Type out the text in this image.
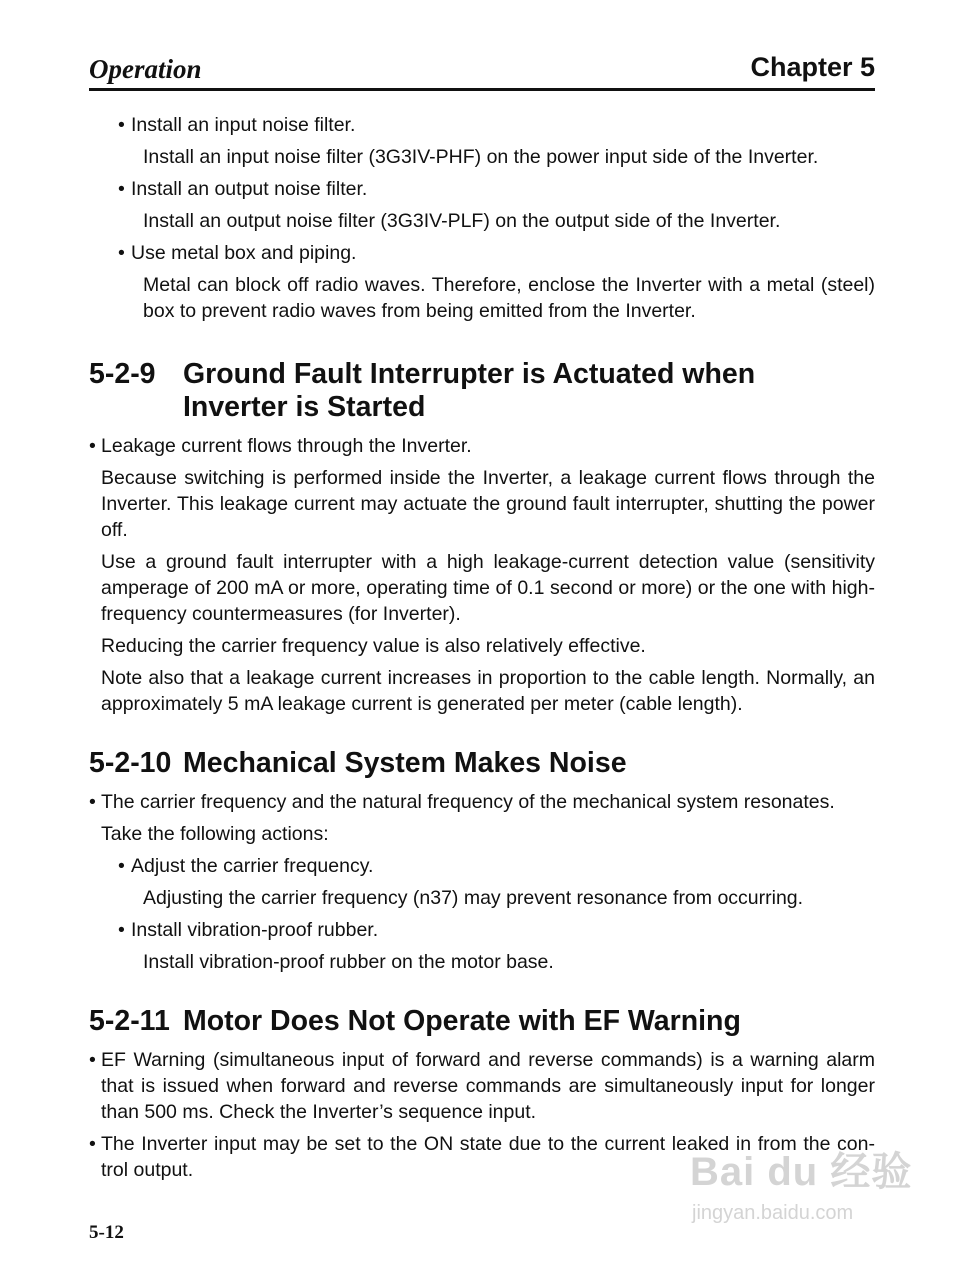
Operation	Chapter 5

• Install an input noise filter.

Install an input noise filter (3G3IV-PHF) on the power input side of the Inverter.

• Install an output noise filter.

Install an output noise filter (3G3IV-PLF) on the output side of the Inverter.

• Use metal box and piping.

Metal can block off radio waves. Therefore, enclose the Inverter with a metal (steel) box to prevent radio waves from being emitted from the Inverter.

5-2-9 Ground Fault Interrupter is Actuated when
Inverter is Started

• Leakage current flows through the Inverter.

Because switching is performed inside the Inverter, a leakage current flows through the Inverter. This leakage current may actuate the ground fault interrupter, shutting the power off.

Use a ground fault interrupter with a high leakage-current detection value (sensitivity amperage of 200 mA or more, operating time of 0.1 second or more) or the one with high-frequency countermeasures (for Inverter).

Reducing the carrier frequency value is also relatively effective.

Note also that a leakage current increases in proportion to the cable length. Normally, an approximately 5 mA leakage current is generated per meter (cable length).

5-2-10 Mechanical System Makes Noise

• The carrier frequency and the natural frequency of the mechanical system resonates.

Take the following actions:

• Adjust the carrier frequency.

Adjusting the carrier frequency (n37) may prevent resonance from occurring.

• Install vibration-proof rubber.

Install vibration-proof rubber on the motor base.

5-2-11 Motor Does Not Operate with EF Warning

• EF Warning (simultaneous input of forward and reverse commands) is a warning alarm that is issued when forward and reverse commands are simultaneously input for longer than 500 ms. Check the Inverter’s sequence input.

• The Inverter input may be set to the ON state due to the current leaked in from the con-trol output.

5-12
Bai du 经验
jingyan.baidu.com
